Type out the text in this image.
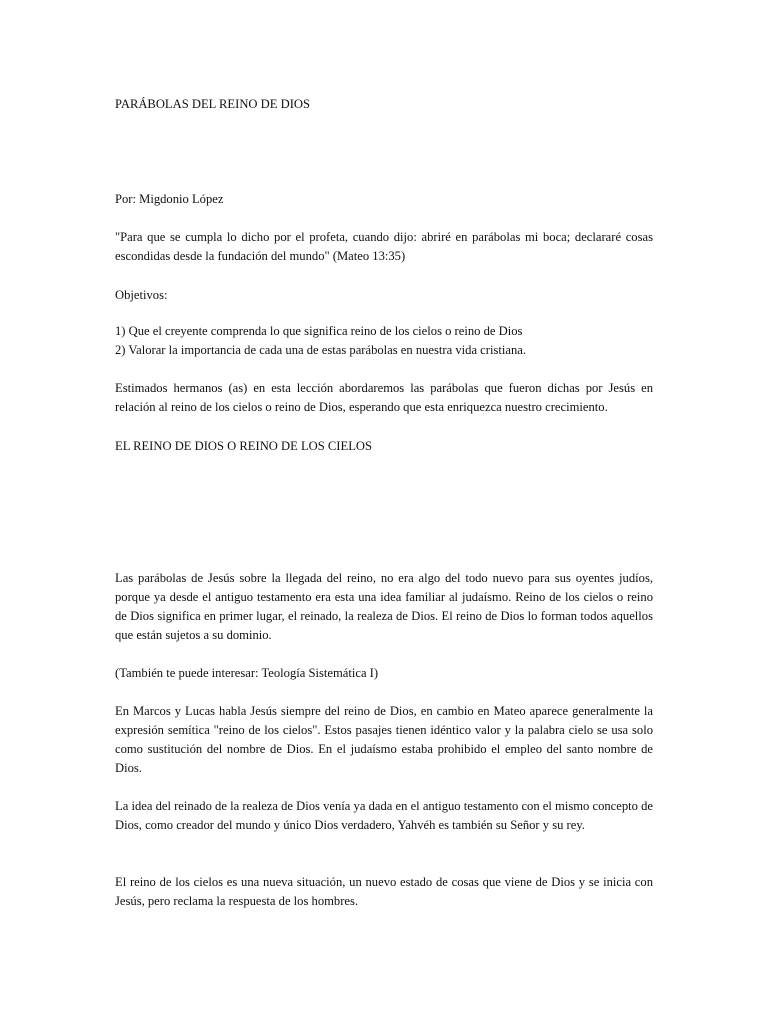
PARÁBOLAS DEL REINO DE DIOS

Por: Migdonio López

"Para que se cumpla lo dicho por el profeta, cuando dijo: abriré en parábolas mi boca; declararé cosas escondidas desde la fundación del mundo" (Mateo 13:35)

Objetivos:

1) Que el creyente comprenda lo que significa reino de los cielos o reino de Dios
2) Valorar la importancia de cada una de estas parábolas en nuestra vida cristiana.

Estimados hermanos (as) en esta lección abordaremos las parábolas que fueron dichas por Jesús en relación al reino de los cielos o reino de Dios, esperando que esta enriquezca nuestro crecimiento.

EL REINO DE DIOS O REINO DE LOS CIELOS

Las parábolas de Jesús sobre la llegada del reino, no era algo del todo nuevo para sus oyentes judíos, porque ya desde el antiguo testamento era esta una idea familiar al judaísmo. Reino de los cielos o reino de Dios significa en primer lugar, el reinado, la realeza de Dios. El reino de Dios lo forman todos aquellos que están sujetos a su dominio.

(También te puede interesar: Teología Sistemática I)

En Marcos y Lucas habla Jesús siempre del reino de Dios, en cambio en Mateo aparece generalmente la expresión semítica "reino de los cielos". Estos pasajes tienen idéntico valor y la palabra cielo se usa solo como sustitución del nombre de Dios. En el judaísmo estaba prohibido el empleo del santo nombre de Dios.

La idea del reinado de la realeza de Dios venía ya dada en el antiguo testamento con el mismo concepto de Dios, como creador del mundo y único Dios verdadero, Yahvéh es también su Señor y su rey.

El reino de los cielos es una nueva situación, un nuevo estado de cosas que viene de Dios y se inicia con Jesús, pero reclama la respuesta de los hombres.
